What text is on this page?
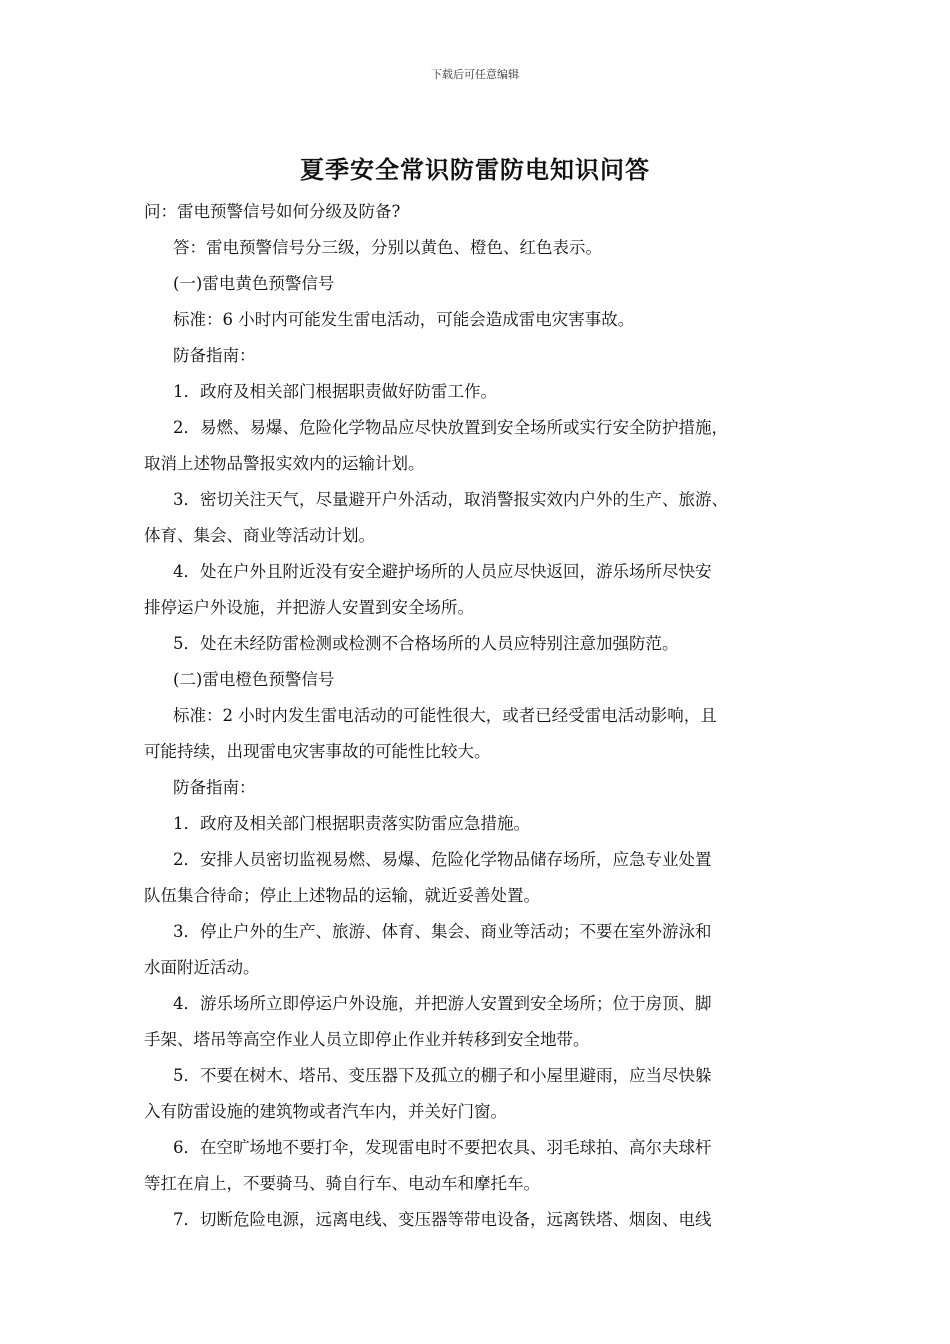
下载后可任意编辑
夏季安全常识防雷防电知识问答
问：雷电预警信号如何分级及防备?
答：雷电预警信号分三级，分别以黄色、橙色、红色表示。
(一)雷电黄色预警信号
标准：6 小时内可能发生雷电活动，可能会造成雷电灾害事故。
防备指南：
1．政府及相关部门根据职责做好防雷工作。
2．易燃、易爆、危险化学物品应尽快放置到安全场所或实行安全防护措施，
取消上述物品警报实效内的运输计划。
3．密切关注天气，尽量避开户外活动，取消警报实效内户外的生产、旅游、
体育、集会、商业等活动计划。
4．处在户外且附近没有安全避护场所的人员应尽快返回，游乐场所尽快安
排停运户外设施，并把游人安置到安全场所。
5．处在未经防雷检测或检测不合格场所的人员应特别注意加强防范。
(二)雷电橙色预警信号
标准：2 小时内发生雷电活动的可能性很大，或者已经受雷电活动影响，且
可能持续，出现雷电灾害事故的可能性比较大。
防备指南：
1．政府及相关部门根据职责落实防雷应急措施。
2．安排人员密切监视易燃、易爆、危险化学物品储存场所，应急专业处置
队伍集合待命；停止上述物品的运输，就近妥善处置。
3．停止户外的生产、旅游、体育、集会、商业等活动；不要在室外游泳和
水面附近活动。
4．游乐场所立即停运户外设施，并把游人安置到安全场所；位于房顶、脚
手架、塔吊等高空作业人员立即停止作业并转移到安全地带。
5．不要在树木、塔吊、变压器下及孤立的棚子和小屋里避雨，应当尽快躲
入有防雷设施的建筑物或者汽车内，并关好门窗。
6．在空旷场地不要打伞，发现雷电时不要把农具、羽毛球拍、高尔夫球杆
等扛在肩上，不要骑马、骑自行车、电动车和摩托车。
7．切断危险电源，远离电线、变压器等带电设备，远离铁塔、烟囱、电线
